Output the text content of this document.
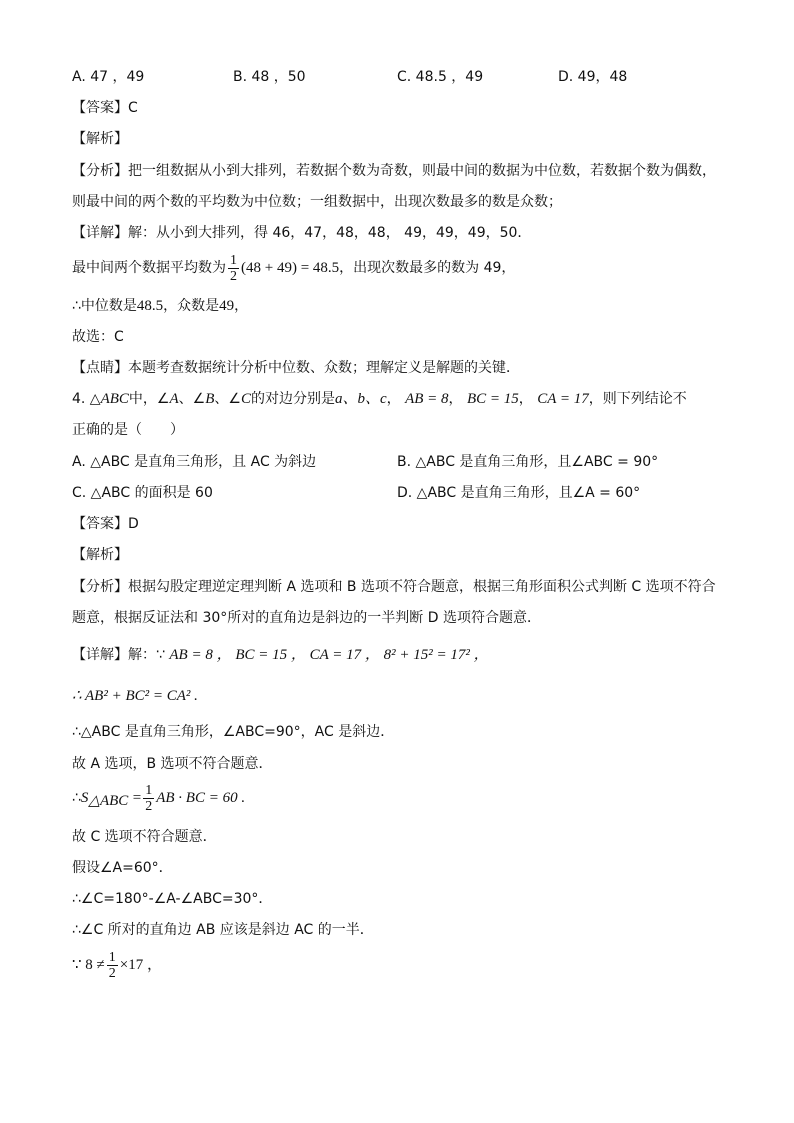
A. 47 ，49	B. 48 ，50	C. 48.5 ，49	D. 49，48
【答案】C
【解析】
【分析】把一组数据从小到大排列，若数据个数为奇数，则最中间的数据为中位数，若数据个数为偶数，
则最中间的两个数的平均数为中位数；一组数据中，出现次数最多的数是众数；
【详解】解：从小到大排列，得 46，47，48，48， 49，49，49，50．
最中间两个数据平均数为 $\frac{1}{2} (48 + 49) = 48.5$，出现次数最多的数为 49，
∴中位数是48.5，众数是49，
故选：C
【点睛】本题考查数据统计分析中位数、众数；理解定义是解题的关键．
4. △ABC中，∠A、∠B、∠C的对边分别是a、b、c， AB = 8， BC = 15， CA = 17，则下列结论不
正确的是（　　）
A. △ABC 是直角三角形，且 AC 为斜边	B. △ABC 是直角三角形，且∠ABC = 90°
C. △ABC 的面积是 60	D. △ABC 是直角三角形，且∠A = 60°
【答案】D
【解析】
【分析】根据勾股定理逆定理判断 A 选项和 B 选项不符合题意，根据三角形面积公式判断 C 选项不符合
题意，根据反证法和 30°所对的直角边是斜边的一半判断 D 选项符合题意．
【详解】解：∵ AB = 8 ， BC = 15 ， CA = 17 ， 8² + 15² = 17² ，
∴ AB² + BC² = CA² .
∴△ABC 是直角三角形，∠ABC=90°，AC 是斜边．
故 A 选项，B 选项不符合题意．
$\therefore S_{\triangle ABC} = \frac{1}{2}$ AB · BC = 60 .
故 C 选项不符合题意．
假设∠A=60°．
∴∠C=180°-∠A-∠ABC=30°．
∴∠C 所对的直角边 AB 应该是斜边 AC 的一半．
∵ $8 \ne \frac{1}{2} \times 17$ ，
